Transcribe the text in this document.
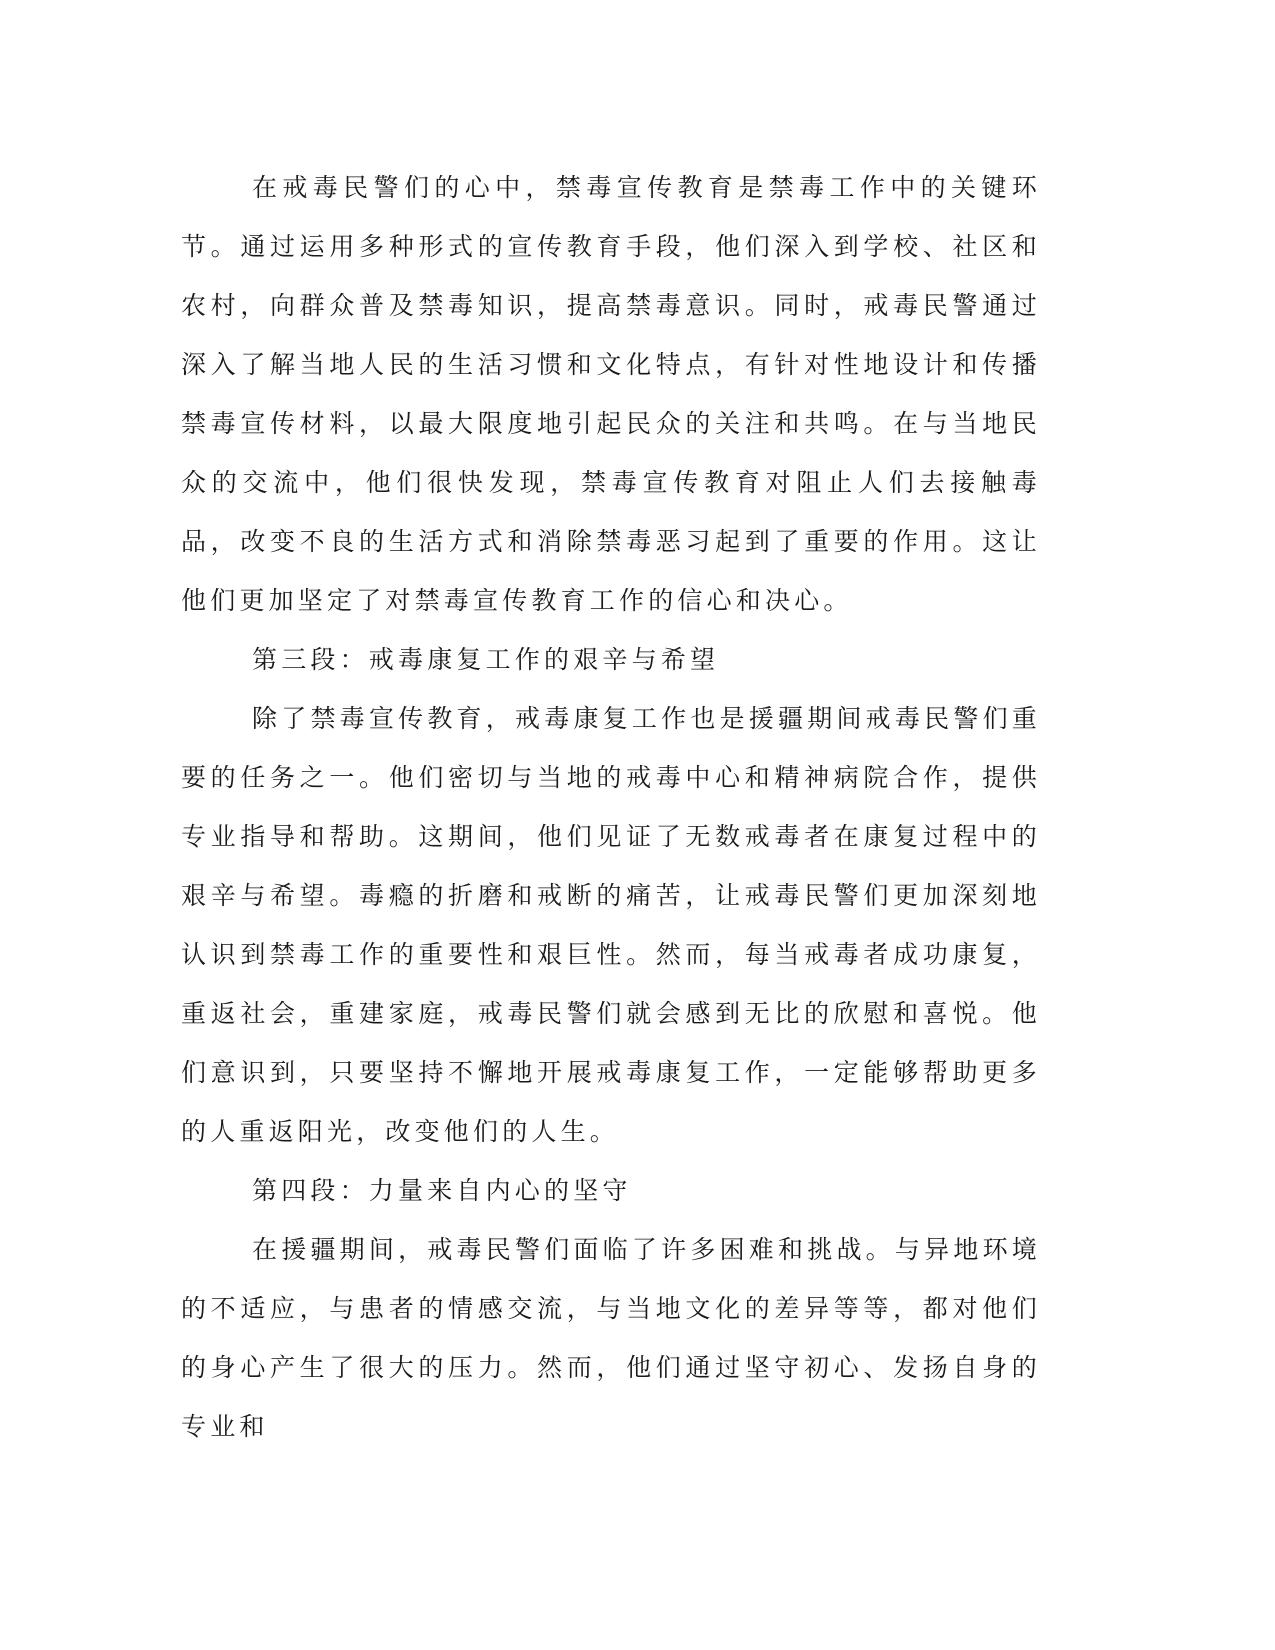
在戒毒民警们的心中，禁毒宣传教育是禁毒工作中的关键环节。通过运用多种形式的宣传教育手段，他们深入到学校、社区和农村，向群众普及禁毒知识，提高禁毒意识。同时，戒毒民警通过深入了解当地人民的生活习惯和文化特点，有针对性地设计和传播禁毒宣传材料，以最大限度地引起民众的关注和共鸣。在与当地民众的交流中，他们很快发现，禁毒宣传教育对阻止人们去接触毒品，改变不良的生活方式和消除禁毒恶习起到了重要的作用。这让他们更加坚定了对禁毒宣传教育工作的信心和决心。

第三段：戒毒康复工作的艰辛与希望

除了禁毒宣传教育，戒毒康复工作也是援疆期间戒毒民警们重要的任务之一。他们密切与当地的戒毒中心和精神病院合作，提供专业指导和帮助。这期间，他们见证了无数戒毒者在康复过程中的艰辛与希望。毒瘾的折磨和戒断的痛苦，让戒毒民警们更加深刻地认识到禁毒工作的重要性和艰巨性。然而，每当戒毒者成功康复，重返社会，重建家庭，戒毒民警们就会感到无比的欣慰和喜悦。他们意识到，只要坚持不懈地开展戒毒康复工作，一定能够帮助更多的人重返阳光，改变他们的人生。

第四段：力量来自内心的坚守

在援疆期间，戒毒民警们面临了许多困难和挑战。与异地环境的不适应，与患者的情感交流，与当地文化的差异等等，都对他们的身心产生了很大的压力。然而，他们通过坚守初心、发扬自身的专业和
